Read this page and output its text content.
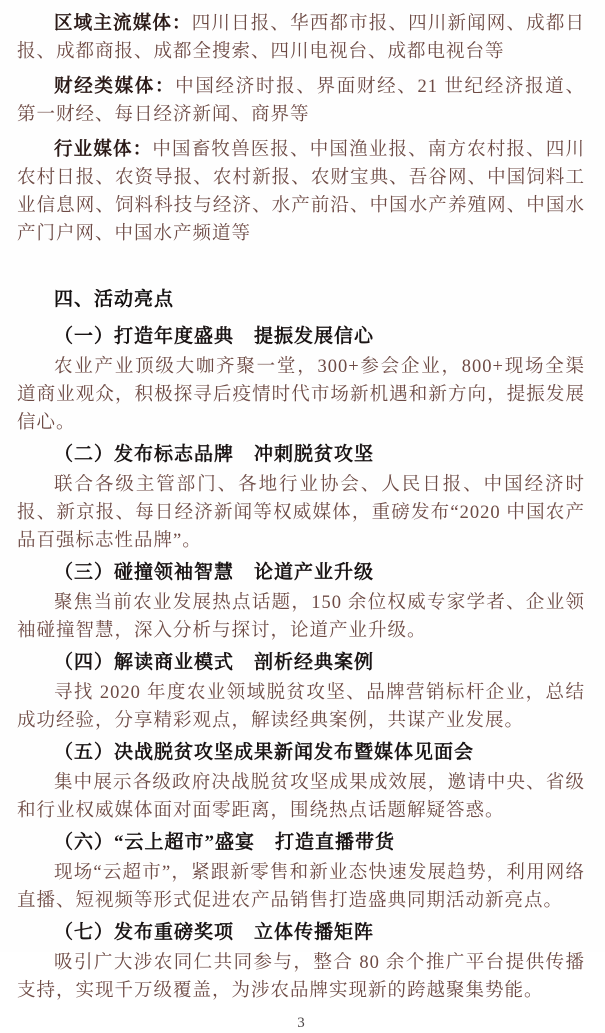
区域主流媒体：四川日报、华西都市报、四川新闻网、成都日报、成都商报、成都全搜索、四川电视台、成都电视台等

财经类媒体：中国经济时报、界面财经、21 世纪经济报道、第一财经、每日经济新闻、商界等

行业媒体：中国畜牧兽医报、中国渔业报、南方农村报、四川农村日报、农资导报、农村新报、农财宝典、吾谷网、中国饲料工业信息网、饲料科技与经济、水产前沿、中国水产养殖网、中国水产门户网、中国水产频道等

四、活动亮点
（一）打造年度盛典　提振发展信心

农业产业顶级大咖齐聚一堂，300+参会企业，800+现场全渠道商业观众，积极探寻后疫情时代市场新机遇和新方向，提振发展信心。

（二）发布标志品牌　冲刺脱贫攻坚

联合各级主管部门、各地行业协会、人民日报、中国经济时报、新京报、每日经济新闻等权威媒体，重磅发布“2020 中国农产品百强标志性品牌”。

（三）碰撞领袖智慧　论道产业升级

聚焦当前农业发展热点话题，150 余位权威专家学者、企业领袖碰撞智慧，深入分析与探讨，论道产业升级。

（四）解读商业模式　剖析经典案例

寻找 2020 年度农业领域脱贫攻坚、品牌营销标杆企业，总结成功经验，分享精彩观点，解读经典案例，共谋产业发展。

（五）决战脱贫攻坚成果新闻发布暨媒体见面会

集中展示各级政府决战脱贫攻坚成果成效展，邀请中央、省级和行业权威媒体面对面零距离，围绕热点话题解疑答惑。

（六）“云上超市”盛宴　打造直播带货

现场“云超市”，紧跟新零售和新业态快速发展趋势，利用网络直播、短视频等形式促进农产品销售打造盛典同期活动新亮点。

（七）发布重磅奖项　立体传播矩阵

吸引广大涉农同仁共同参与，整合 80 余个推广平台提供传播支持，实现千万级覆盖，为涉农品牌实现新的跨越聚集势能。

3
